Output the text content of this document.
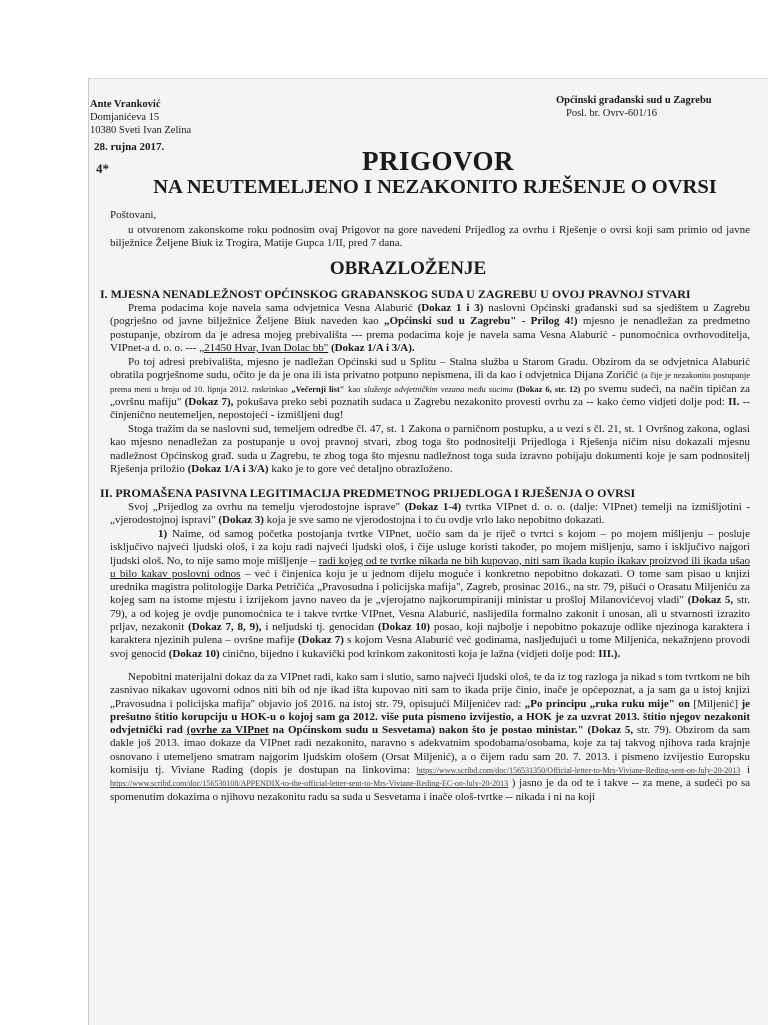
Ante Vranković
Domjanićeva 15
10380 Sveti Ivan Zelina
Općinski građanski sud u Zagrebu
Posl. br. Ovrv-601/16
28. rujna 2017.
4*	PRIGOVOR
NA NEUTEMELJENO I NEZAKONITO RJEŠENJE O OVRSI
Poštovani,
u otvorenom zakonskome roku podnosim ovaj Prigovor na gore navedeni Prijedlog za ovrhu i Rješenje o ovrsi koji sam primio od javne bilježnice Željene Biuk iz Trogira, Matije Gupca 1/II, pred 7 dana.
OBRAZLOŽENJE
I. MJESNA NENADLEŽNOST OPĆINSKOG GRAĐANSKOG SUDA U ZAGREBU U OVOJ PRAVNOJ STVARI
Prema podacima koje navela sama odvjetnica Vesna Alaburić (Dokaz 1 i 3) naslovni Općinski građanski sud sa sjedištem u Zagrebu (pogrješno od javne bilježnice Željene Biuk naveden kao „Općinski sud u Zagrebu" - Prilog 4!) mjesno je nenadležan za predmetno postupanje, obzirom da je adresa mojeg prebivališta --- prema podacima koje je navela sama Vesna Alaburić - punomoćnica ovrhovoditelja, VIPnet-a d. o. o. --- „21450 Hvar, Ivan Dolac bb" (Dokaz 1/A i 3/A).
Po toj adresi prebivališta, mjesno je nadležan Općinski sud u Splitu – Stalna služba u Starom Gradu. Obzirom da se odvjetnica Alaburić obratila pogrješnome sudu, očito je da je ona ili ista privatno potpuno nepismena, ili da kao i odvjetnica Dijana Zoričić (a čije je nezakonito postupanje prema meni u broju od 10. lipnja 2012. raskrinkao „Večernji list" kao služenje odvjetničkim vezana među sucima (Dokaz 6, str. 12) po svemu sudeći, na način tipičan za „ovršnu mafiju" (Dokaz 7), pokušava preko sebi poznatih sudaca u Zagrebu nezakonito provesti ovrhu za -- kako ćemo vidjeti dolje pod: II. -- činjenično neutemeljen, nepostojeći - izmišljeni dug!
Stoga tražim da se naslovni sud, temeljem odredbe čl. 47, st. 1 Zakona o parničnom postupku, a u vezi s čl. 21, st. 1 Ovršnog zakona, oglasi kao mjesno nenadležan za postupanje u ovoj pravnoj stvari, zbog toga što podnositelji Prijedloga i Rješenja ničim nisu dokazali mjesnu nadležnost Općinskog građ. suda u Zagrebu, te zbog toga što mjesnu nadležnost toga suda izravno pobijaju dokumenti koje je sam podnositelj Rješenja priložio (Dokaz 1/A i 3/A) kako je to gore već detaljno obrazloženo.
II. PROMAŠENA PASIVNA LEGITIMACIJA PREDMETNOG PRIJEDLOGA I RJEŠENJA O OVRSI
Svoj „Prijedlog za ovrhu na temelju vjerodostojne isprave" (Dokaz 1-4) tvrtka VIPnet d. o. o. (dalje: VIPnet) temelji na izmišljotini - „vjerodostojnoj ispravi" (Dokaz 3) koja je sve samo ne vjerodostojna i to ću ovdje vrlo lako nepobitno dokazati.
1) Naime, od samog početka postojanja tvrtke VIPnet, uočio sam da je riječ o tvrtci s kojom – po mojem mišljenju – posluje isključivo najveći ljudski ološ, i za koju radi najveći ljudski ološ, i čije usluge koristi također, po mojem mišljenju, samo i isključivo najgori ljudski ološ. No, to nije samo moje mišljenje – radi kojeg od te tvrtke nikada ne bih kupovao, niti sam ikada kupio ikakav proizvod ili ikada ušao u bilo kakav poslovni odnos – već i činjenica koju je u jednom dijelu moguće i konkretno nepobitno dokazati. O tome sam pisao u knjizi urednika magistra politologije Darka Petričića „Pravosudna i policijska mafija", Zagreb, prosinac 2016., na str. 79, pišući o Orasatu Miljeniću za kojeg sam na istome mjestu i izrijekom javno naveo da je „vjerojatno najkorumpiraniji ministar u prošloj Milanovićevoj vladi" (Dokaz 5, str. 79), a od kojeg je ovdje punomoćnica te i takve tvrtke VIPnet, Vesna Alaburić, naslijedila formalno zakonit i unosan, ali u stvarnosti izrazito prljav, nezakonit (Dokaz 7, 8, 9), i neljudski tj. genocidan (Dokaz 10) posao, koji najbolje i nepobitno pokazuje odlike njezinoga karaktera i karaktera njezinih pulena – ovršne mafije (Dokaz 7) s kojom Vesna Alaburić već godinama, nasljeđujući u tome Miljenića, nekažnjeno provodi svoj genocid (Dokaz 10) cinično, bijedno i kukavički pod krinkom zakonitosti koja je lažna (vidjeti dolje pod: III.).
Nepobitni materijalni dokaz da za VIPnet radi, kako sam i slutio, samo najveći ljudski ološ, te da iz tog razloga ja nikad s tom tvrtkom ne bih zasnivao nikakav ugovorni odnos niti bih od nje ikad išta kupovao niti sam to ikada prije činio, inače je općepoznat, a ja sam ga u istoj knjizi „Pravosudna i policijska mafija" objavio još 2016. na istoj str. 79, opisujući Miljenićev rad: „Po principu „ruka ruku mije" on [Miljenić] je prešutno štitio korupciju u HOK-u o kojoj sam ga 2012. više puta pismeno izvijestio, a HOK je za uzvrat 2013. štitio njegov nezakonit odvjetnički rad (ovrhe za VIPnet na Općinskom sudu u Sesvetama) nakon što je postao ministar." (Dokaz 5, str. 79). Obzirom da sam dakle još 2013. imao dokaze da VIPnet radi nezakonito, naravno s adekvatnim spodobama/osobama, koje za taj takvog njihova rada krajnje osnovano i utemeljeno smatram najgorim ljudskim ološem (Orsat Miljenić), a o čijem radu sam 20. 7. 2013. i pismeno izvijestio Europsku komisiju tj. Viviane Rading (dopis je dostupan na linkovima: https://www.scribd.com/doc/156531350/Official-letter-to-Mrs-Viviane-Reding-sent-on-July-20-2013 i https://www.scribd.com/doc/156530108/APPENDIX-to-the-official-letter-sent-to-Mrs-Viviane-Reding-EC-on-July-20-2013 ) jasno je da od te i takve -- za mene, a sudeći po sa spomenutim dokazima o njihovu nezakonitu radu sa suda u Sesvetama i inače ološ-tvrtke -- nikada i ni na koji
